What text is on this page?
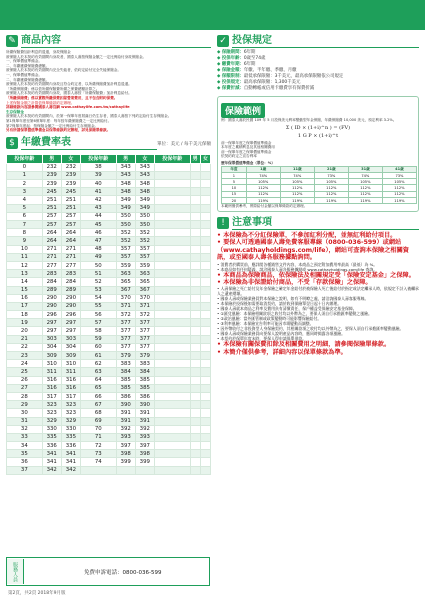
✎ 商品內容
所繳保險費加計利息的退還，身故保險金
被保險人於本契約有效期間內身故者，國泰人壽按保險金額之一定比例給付身故保險金。
一、保單價值準備金。
二、年繳應繳保險費總額。
被保險人於本契約有效期間內完全失能者，依約定給付完全失能保險金。
一、保單價值準備金。
二、年繳應繳保險費總額。
被保險人於本契約有效期間內身故且符合約定者，以所繳保險費加計利息退還。
「所繳保險費」係以依所繳保險費所繳之保費總額計算之。
被保險人於本契約有效期間內身故，國泰人壽按「所繳保險費」加計利息給付。
「所繳保險費」係以實際所繳保費扣除營業費用，且不包含附約保費。
上述保險金額之計算依保單條款約定辦理。
詳細條款內容請參閱國泰人壽官網 www.cathaylife.com.tw/cathaylife
生存保險金
被保險人於本契約有效期間內，於第一保單年度屆滿日仍生存者，國泰人壽按下列約定給付生存保險金。
第1保單年度至第6保單年度：每年按年繳保險費之一定比例給付。
第7保單年度起：按保險金額之一定比例給付生存保險金。
另有所謂保單價值準備金以保單條款約定辦理，詳見保險單條款。
$ 年繳費率表	單位：美元 / 每千美元保額
投保年齡	男	女	投保年齡	男	女	投保年齡	男	女
0	232	232	38	343	343			
1	239	239	39	343	343			
2	239	239	40	348	348			
3	245	245	41	348	348			
4	251	251	42	349	349			
5	251	251	43	349	349			
6	257	257	44	350	350			
7	257	257	45	350	350			
8	264	264	46	352	352			
9	264	264	47	352	352			
10	271	271	48	357	357			
11	271	271	49	357	357			
12	277	277	50	359	359			
13	283	283	51	363	363			
14	284	284	52	365	365			
15	289	289	53	367	367			
16	290	290	54	370	370			
17	290	290	55	371	371			
18	296	296	56	372	372			
19	297	297	57	377	377			
20	297	297	58	377	377			
21	303	303	59	377	377			
22	304	304	60	377	377			
23	309	309	61	379	379			
24	310	310	62	383	383			
25	311	311	63	384	384			
26	316	316	64	385	385			
27	316	316	65	385	385			
28	317	317	66	386	386			
29	323	323	67	390	390			
30	323	323	68	391	391			
31	329	329	69	391	391			
32	330	330	70	392	392			
33	335	335	71	393	393			
34	336	336	72	397	397			
35	341	341	73	398	398			
36	341	341	74	399	399			
37	342	342						
✓ 投保規定
◆ 保險期間：6年期
◆ 投保年齡：0歲至74歲
◆ 繳費年期：6年期
◆ 保險金額：年繳、半年繳、季繳、月繳
◆ 保額限制：最低承保限額：3千美元，最高承保限額依公司規定
◆ 投保規定：最高承保限額：1,300千美元
◆ 保費折減：自動轉帳或信用卡繳費享有保費折減
保險範例
例：國泰人壽於民國 109 年 5 月投保美元利率變動型年金保險，年繳保險費 10,000 美元，預定利率 3.2%。
Σ ( ID × (1+i)^n ) = (FV)
1 G P × (1+i)^t
前一保單年度之保單價值準備金
本年度之累積利息及其他相關費用
前一保單年度之保單價值準備金
依契約約定之宣告利率
歷年保單價值準備金（單位：%）
年度	1歲	11歲	21歲	31歲	41歲
1	74%	74%	73%	74%	73%
5	105%	105%	105%	105%	105%
10	112%	112%	112%	112%	112%
15	112%	112%	112%	112%	112%
20	119%	119%	119%	119%	119%
本範例僅供參考，實際給付金額以保單條款約定辦理。
! 注意事項

• 本保險為不分紅保險單，不參加紅利分配，並無紅利給付項目。

• 要保人可透過國泰人壽免費客服專線（0800-036-599）或網站（www.cathayholdings.com/life），網站可查詢本保險之相關資訊，或至國泰人壽各服務據點詢問。

• 消費者於購買前，應詳閱各種銷售文件內容，本商品之預定附加費用率最高（最低）為 %。

• 本商品如有任何疑義，請洽國泰人壽各服務據點或 www.cathayholdings.com/life 查詢。

• 本商品為保險商品，依保險法及相關規定受「保險安定基金」之保障。

• 本保險為非保證給付商品，不受「存款保險」之保障。

• 人壽保險之死亡給付及年金保險之確定年金給付於被保險人死亡後給付於指定或法定繼承人時，依規定不計入被繼承人之遺產總額。

• 國泰人壽或保險業務員對本保險之說明，如有不明瞭之處，請洽詢國泰人壽客服專線。

• 本保險於投保後如需要取消契約，請於收到保險單翌日起十日內辦理。

• 國泰人壽就本商品之利率及費用負有清償責任，保戶權益受保險安定基金保障。

• ①匯兌風險：本保險相關款項之收付均以外幣為之，要保人須自行承擔匯率變動之風險。

• ②政治風險：當外匯管制或政策變動時可能影響保險給付。

• ③利率風險：本保險宣告利率可能因市場變動而調整。

• 因外幣收付之非投資型人身保險契約，其相關款項之收付均以外幣為之，要保人須自行承擔匯率變動風險。

• 國泰人壽或保險業務員向要保人說明產品內容時，應同時揭露各項風險。

• 本契約於保單年度末時，要保人得申請保單借款。

• 本保險有關保費扣除及相關費用之明細，請參閱保險單條款。

• 本簡介僅供參考，詳細內容以保單條款為準。

服務人員	免費申訴電話：0800-036-599
第2頁，共2頁 2018年9月版
